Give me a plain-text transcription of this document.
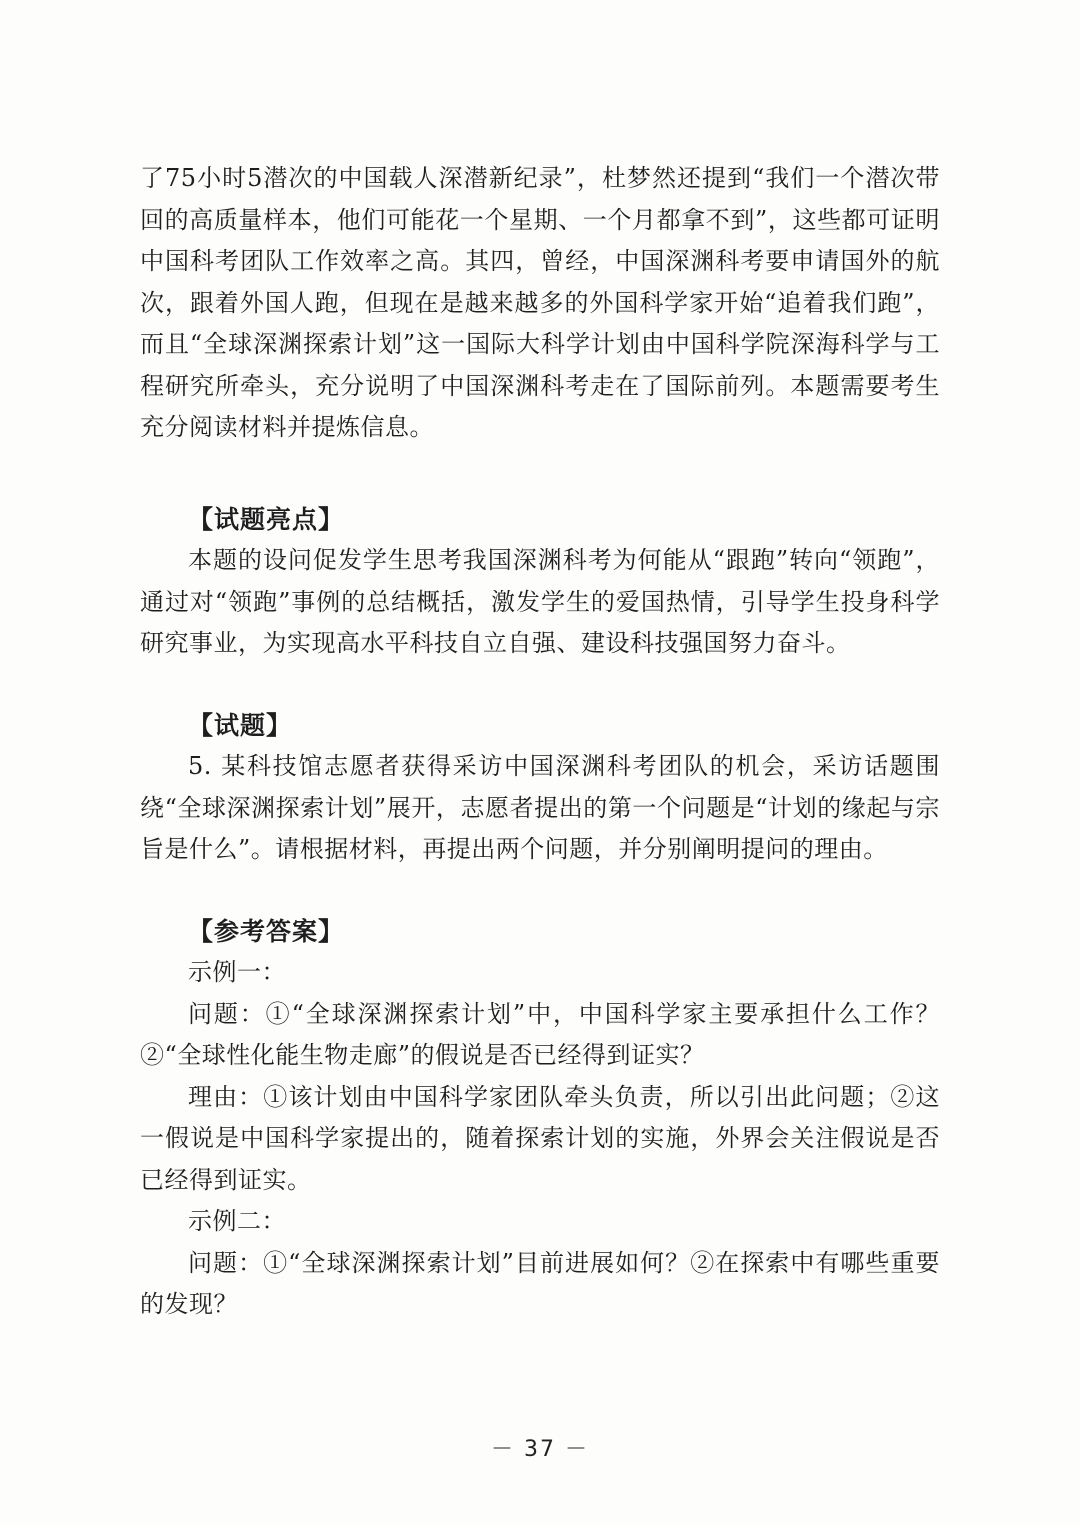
了75小时5潜次的中国载人深潜新纪录”，杜梦然还提到“我们一个潜次带回的高质量样本，他们可能花一个星期、一个月都拿不到”，这些都可证明中国科考团队工作效率之高。其四，曾经，中国深渊科考要申请国外的航次，跟着外国人跑，但现在是越来越多的外国科学家开始“追着我们跑”，而且“全球深渊探索计划”这一国际大科学计划由中国科学院深海科学与工程研究所牵头，充分说明了中国深渊科考走在了国际前列。本题需要考生充分阅读材料并提炼信息。

【试题亮点】

本题的设问促发学生思考我国深渊科考为何能从“跟跑”转向“领跑”，通过对“领跑”事例的总结概括，激发学生的爱国热情，引导学生投身科学研究事业，为实现高水平科技自立自强、建设科技强国努力奋斗。

【试题】

5. 某科技馆志愿者获得采访中国深渊科考团队的机会，采访话题围绕“全球深渊探索计划”展开，志愿者提出的第一个问题是“计划的缘起与宗旨是什么”。请根据材料，再提出两个问题，并分别阐明提问的理由。

【参考答案】

示例一：

问题：①“全球深渊探索计划”中，中国科学家主要承担什么工作？②“全球性化能生物走廊”的假说是否已经得到证实？

理由：①该计划由中国科学家团队牵头负责，所以引出此问题；②这一假说是中国科学家提出的，随着探索计划的实施，外界会关注假说是否已经得到证实。

示例二：

问题：①“全球深渊探索计划”目前进展如何？②在探索中有哪些重要的发现？

－ 37 －
